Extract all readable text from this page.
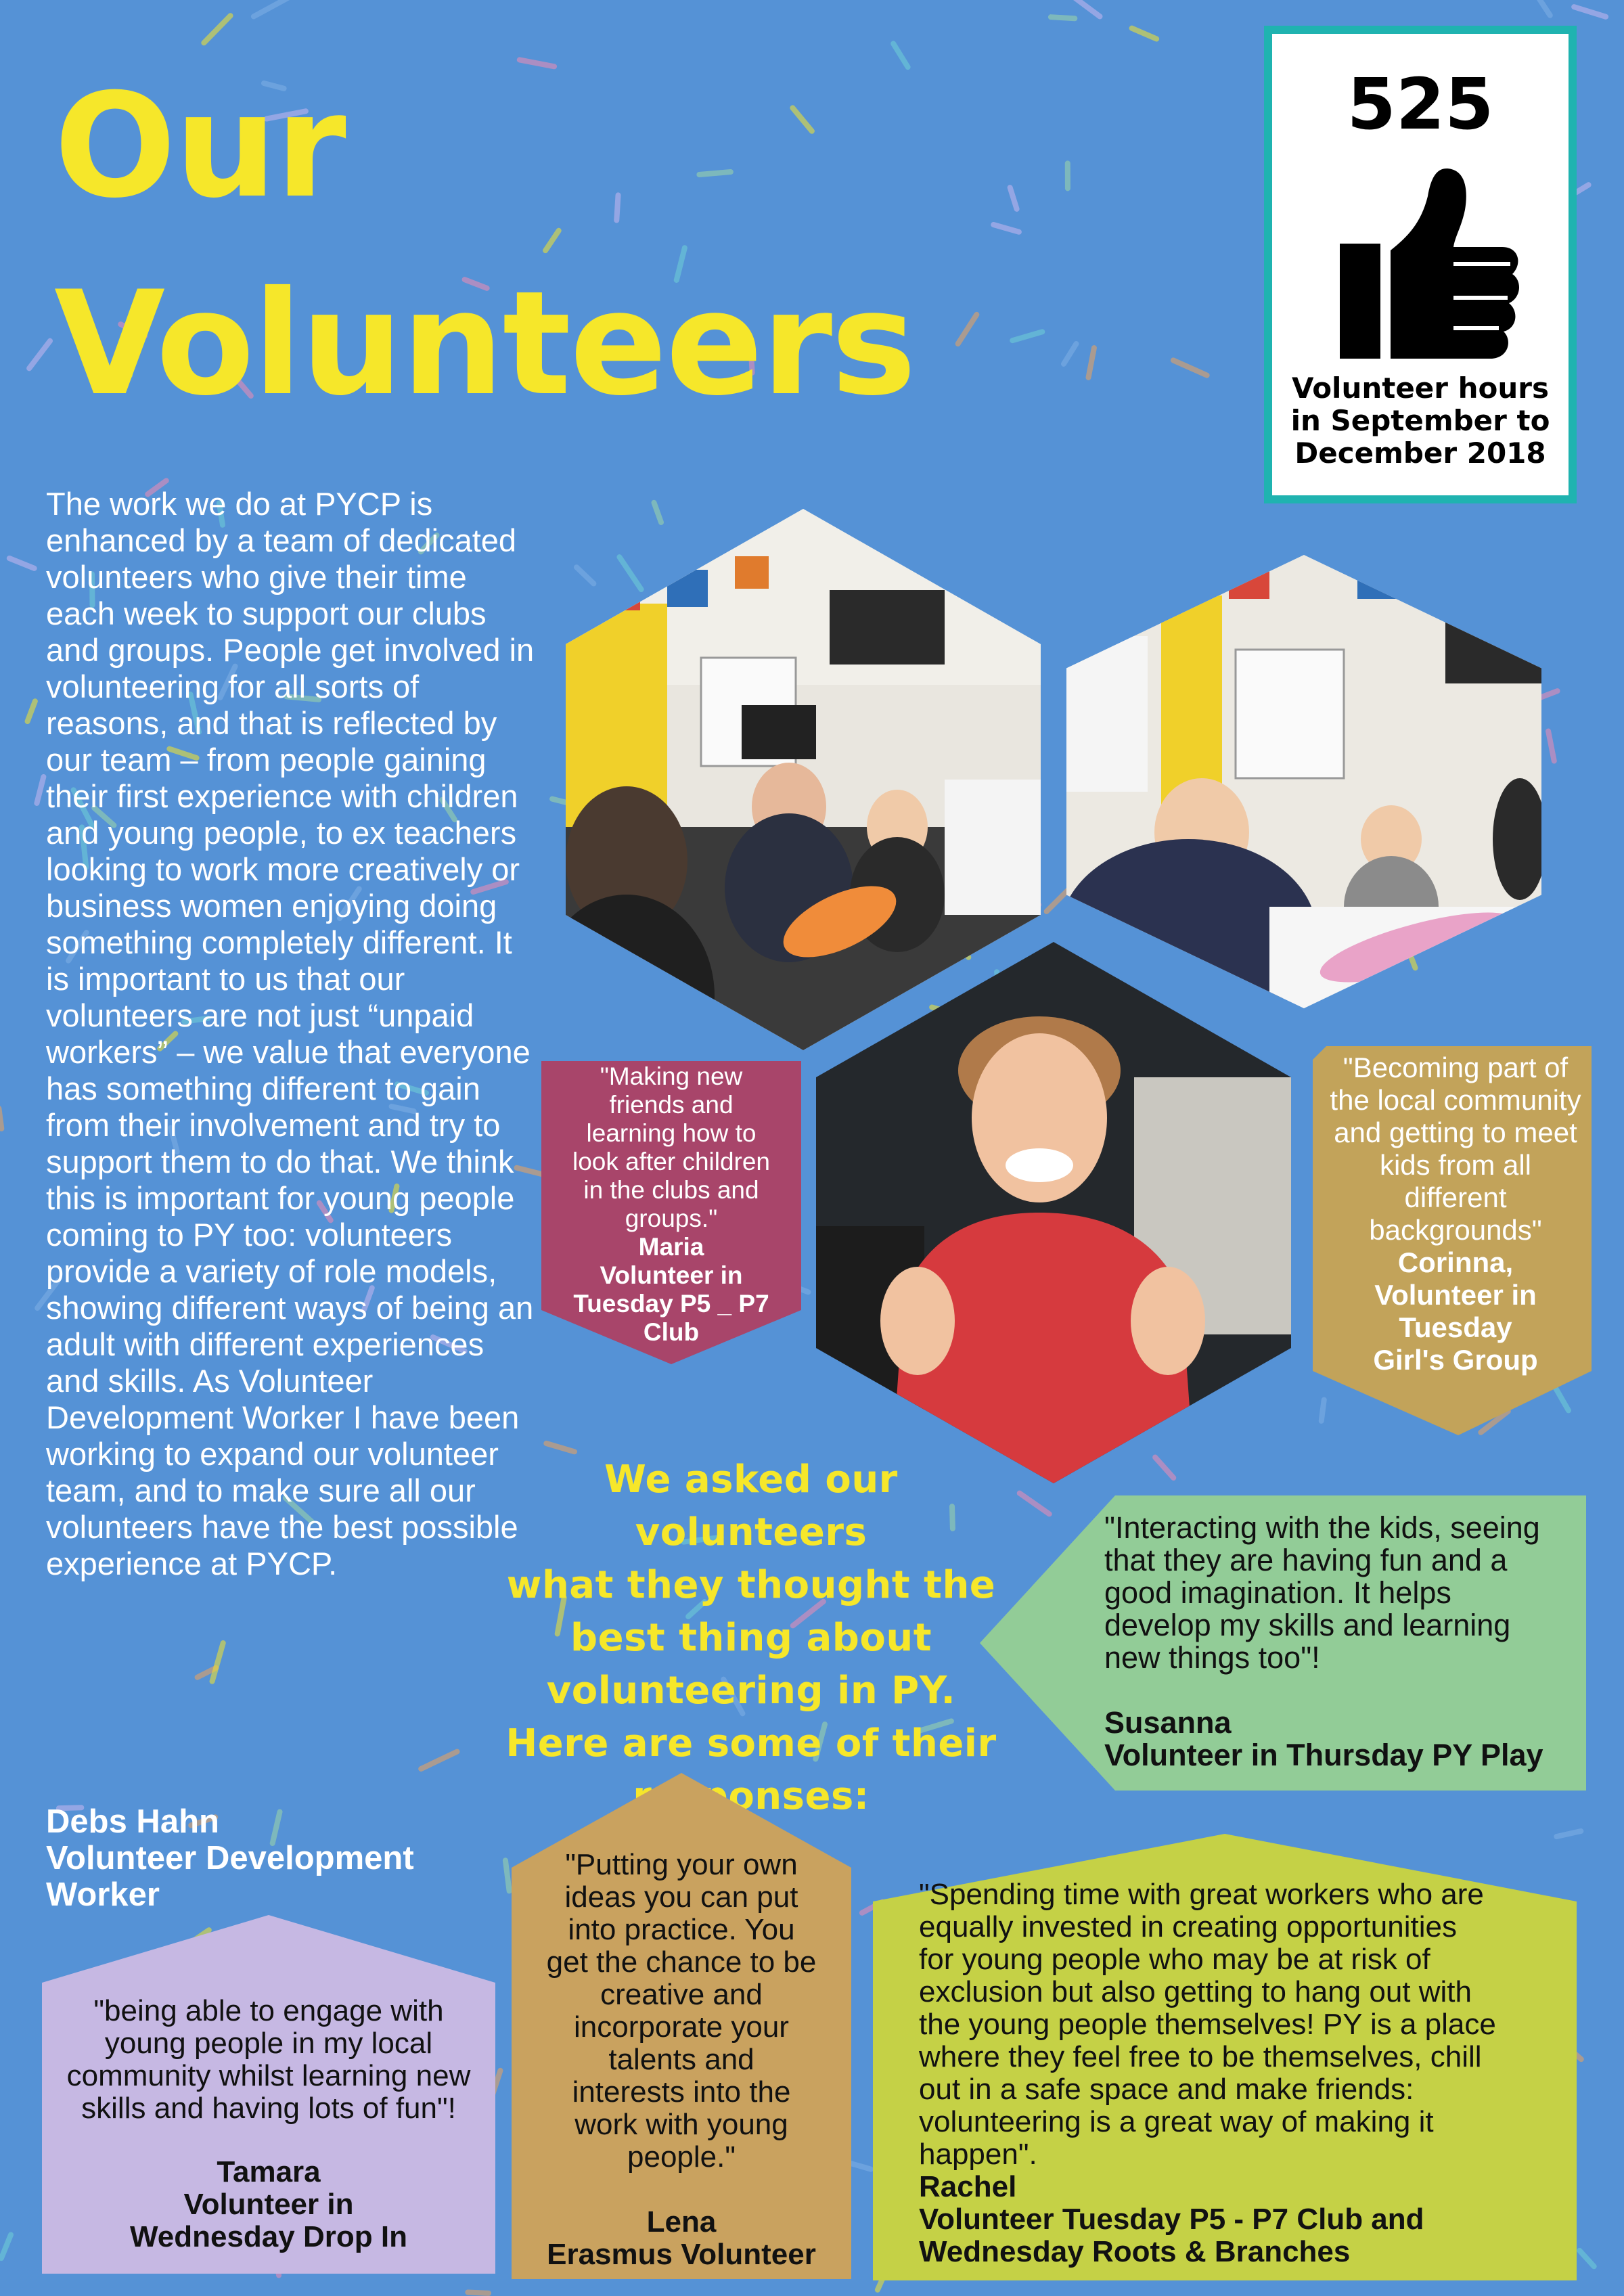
Our
Volunteers
525
Volunteer hours
in September to
December 2018

The work we do at PYCP is enhanced by a team of dedicated volunteers who give their time each week to support our clubs and groups. People get involved in volunteering for all sorts of reasons, and that is reflected by our team – from people gaining their first experience with children and young people, to ex teachers looking to work more creatively or business women enjoying doing something completely different. It is important to us that our volunteers are not just “unpaid workers” – we value that everyone has something different to gain from their involvement and try to support them to do that. We think this is important for young people coming to PY too: volunteers provide a variety of role models, showing different ways of being an adult with different experiences and skills. As Volunteer Development Worker I have been working to expand our volunteer team, and to make sure all our volunteers have the best possible experience at PYCP.

Debs Hahn
Volunteer Development
Worker
"Making new
friends and
learning how to
look after children
in the clubs and
groups."
Maria
Volunteer in
Tuesday P5 _ P7
Club
"Becoming part of
the local community
and getting to meet
kids from all
different
backgrounds"
Corinna,
Volunteer in
Tuesday
Girl's Group
We asked our volunteers
what they thought the
best thing about
volunteering in PY.
Here are some of their
responses:
"Interacting with the kids, seeing
that they are having fun and a
good imagination. It helps
develop my skills and learning
new things too"!
Susanna
Volunteer in Thursday PY Play
"being able to engage with
young people in my local
community whilst learning new
skills and having lots of fun"!
Tamara
Volunteer in
Wednesday Drop In
"Putting your own
ideas you can put
into practice. You
get the chance to be
creative and
incorporate your
talents and
interests into the
work with young
people."
Lena
Erasmus Volunteer
"Spending time with great workers who are
equally invested in creating opportunities
for young people who may be at risk of
exclusion but also getting to hang out with
the young people themselves! PY is a place
where they feel free to be themselves, chill
out in a safe space and make friends:
volunteering is a great way of making it
happen".
Rachel
Volunteer Tuesday P5 - P7 Club and
Wednesday Roots & Branches
